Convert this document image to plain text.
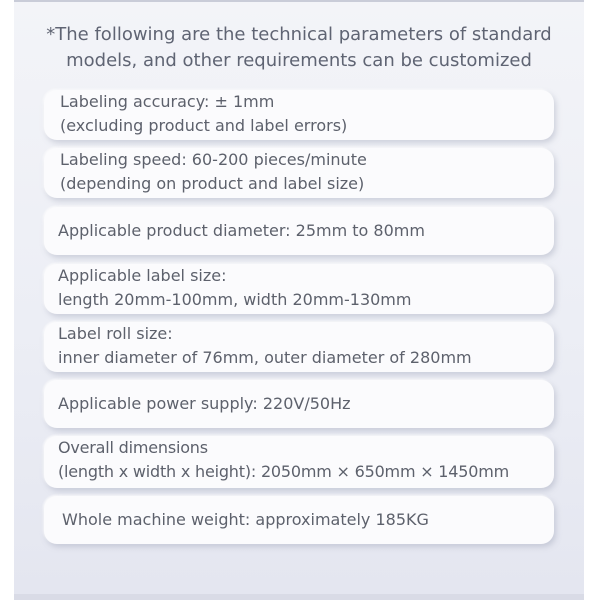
*The following are the technical parameters of standard
models, and other requirements can be customized
Labeling accuracy: ± 1mm
(excluding product and label errors)
Labeling speed: 60-200 pieces/minute
(depending on product and label size)
Applicable product diameter: 25mm to 80mm
Applicable label size:
length 20mm-100mm, width 20mm-130mm
Label roll size:
inner diameter of 76mm, outer diameter of 280mm
Applicable power supply: 220V/50Hz
Overall dimensions
(length x width x height): 2050mm × 650mm × 1450mm
Whole machine weight: approximately 185KG
